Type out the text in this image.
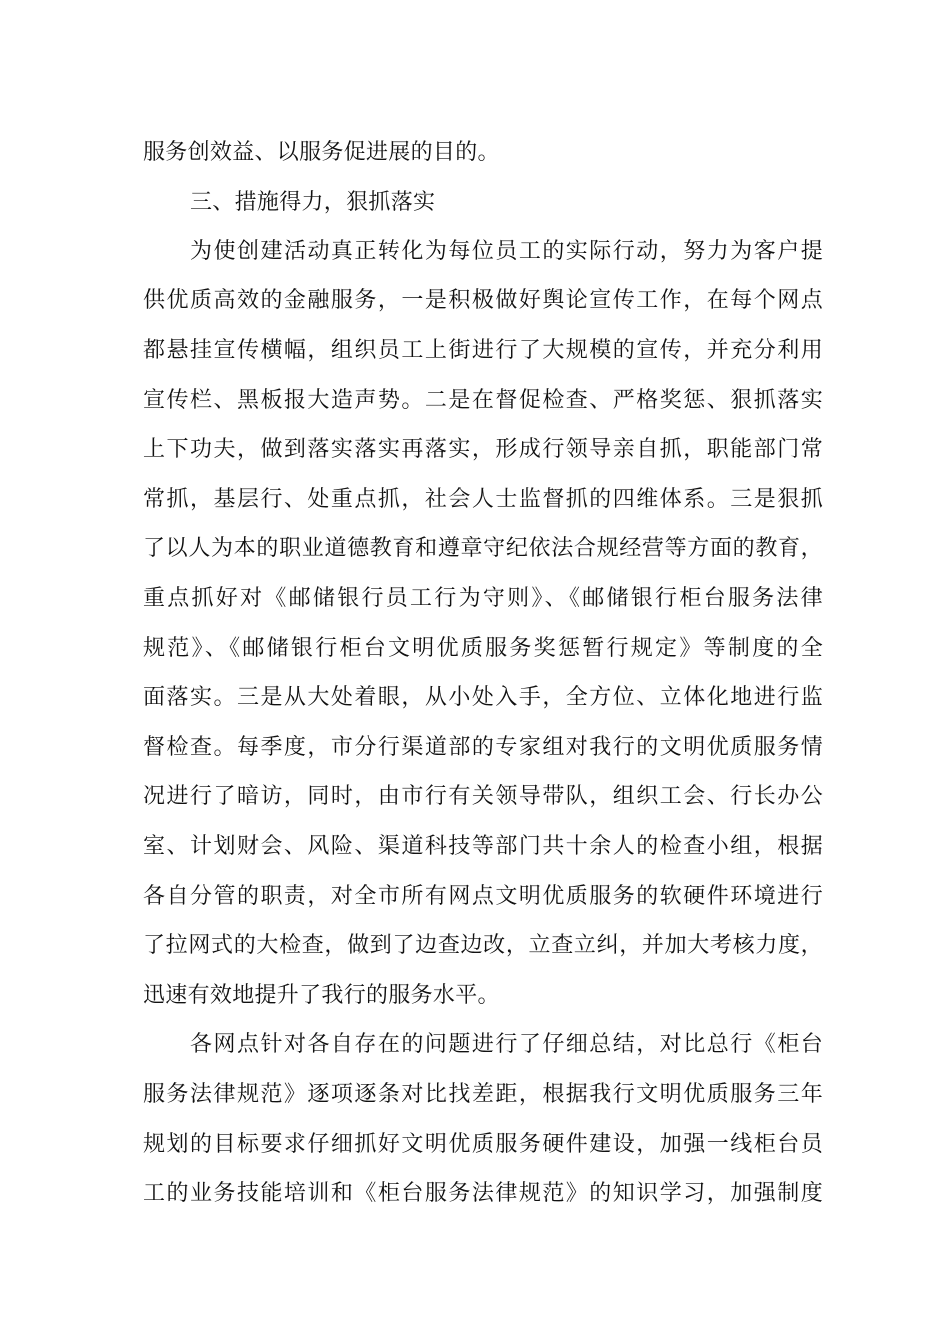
服务创效益、以服务促进展的目的。
三、措施得力，狠抓落实
为使创建活动真正转化为每位员工的实际行动，努力为客户提
供优质高效的金融服务，一是积极做好舆论宣传工作，在每个网点
都悬挂宣传横幅，组织员工上街进行了大规模的宣传，并充分利用
宣传栏、黑板报大造声势。二是在督促检查、严格奖惩、狠抓落实
上下功夫，做到落实落实再落实，形成行领导亲自抓，职能部门常
常抓，基层行、处重点抓，社会人士监督抓的四维体系。三是狠抓
了以人为本的职业道德教育和遵章守纪依法合规经营等方面的教育，
重点抓好对《邮储银行员工行为守则》、《邮储银行柜台服务法律
规范》、《邮储银行柜台文明优质服务奖惩暂行规定》等制度的全
面落实。三是从大处着眼，从小处入手，全方位、立体化地进行监
督检查。每季度，市分行渠道部的专家组对我行的文明优质服务情
况进行了暗访，同时，由市行有关领导带队，组织工会、行长办公
室、计划财会、风险、渠道科技等部门共十余人的检查小组，根据
各自分管的职责，对全市所有网点文明优质服务的软硬件环境进行
了拉网式的大检查，做到了边查边改，立查立纠，并加大考核力度，
迅速有效地提升了我行的服务水平。
各网点针对各自存在的问题进行了仔细总结，对比总行《柜台
服务法律规范》逐项逐条对比找差距，根据我行文明优质服务三年
规划的目标要求仔细抓好文明优质服务硬件建设，加强一线柜台员
工的业务技能培训和《柜台服务法律规范》的知识学习，加强制度
